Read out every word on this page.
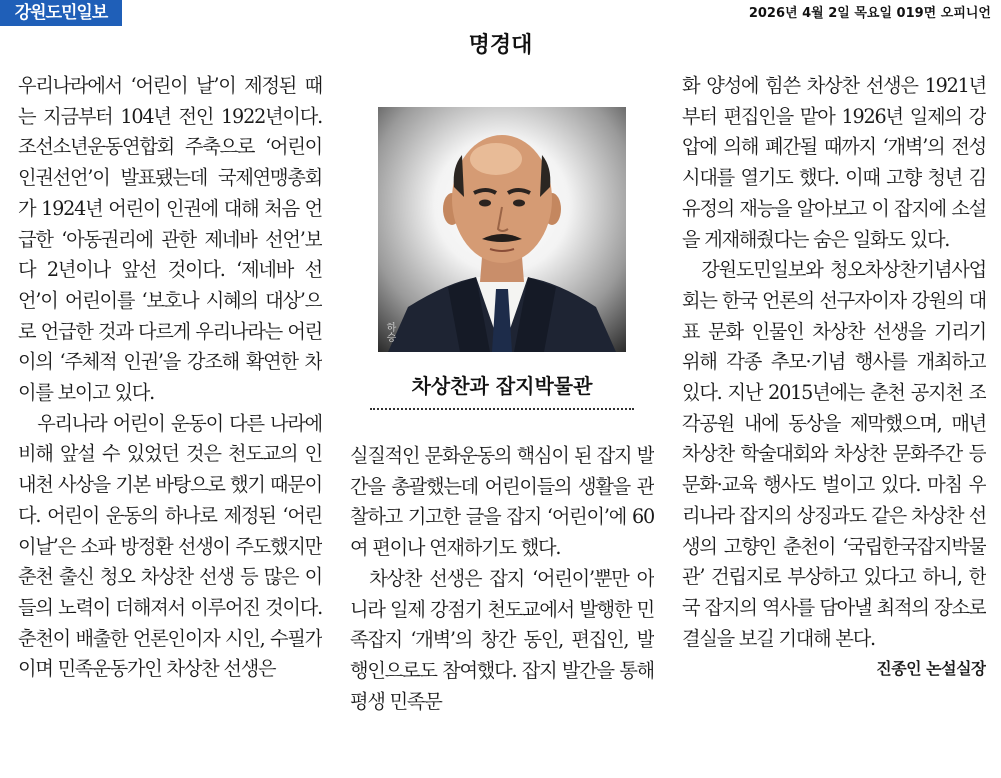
강원도민일보	2026년 4월 2일 목요일 019면 오피니언
명경대

우리나라에서 ‘어린이 날’이 제정된 때는 지금부터 104년 전인 1922년이다. 조선소년운동연합회 주축으로 ‘어린이 인권선언’이 발표됐는데 국제연맹총회가 1924년 어린이 인권에 대해 처음 언급한 ‘아동권리에 관한 제네바 선언’보다 2년이나 앞선 것이다. ‘제네바 선언’이 어린이를 ‘보호나 시혜의 대상’으로 언급한 것과 다르게 우리나라는 어린이의 ‘주체적 인권’을 강조해 확연한 차이를 보이고 있다.

우리나라 어린이 운동이 다른 나라에 비해 앞설 수 있었던 것은 천도교의 인내천 사상을 기본 바탕으로 했기 때문이다. 어린이 운동의 하나로 제정된 ‘어린이날’은 소파 방정환 선생이 주도했지만 춘천 출신 청오 차상찬 선생 등 많은 이들의 노력이 더해져서 이루어진 것이다. 춘천이 배출한 언론인이자 시인, 수필가이며 민족운동가인 차상찬 선생은

하승
차상찬과 잡지박물관

실질적인 문화운동의 핵심이 된 잡지 발간을 총괄했는데 어린이들의 생활을 관찰하고 기고한 글을 잡지 ‘어린이’에 60여 편이나 연재하기도 했다.

차상찬 선생은 잡지 ‘어린이’뿐만 아니라 일제 강점기 천도교에서 발행한 민족잡지 ‘개벽’의 창간 동인, 편집인, 발행인으로도 참여했다. 잡지 발간을 통해 평생 민족문

화 양성에 힘쓴 차상찬 선생은 1921년부터 편집인을 맡아 1926년 일제의 강압에 의해 폐간될 때까지 ‘개벽’의 전성시대를 열기도 했다. 이때 고향 청년 김유정의 재능을 알아보고 이 잡지에 소설을 게재해줬다는 숨은 일화도 있다.

강원도민일보와 청오차상찬기념사업회는 한국 언론의 선구자이자 강원의 대표 문화 인물인 차상찬 선생을 기리기 위해 각종 추모·기념 행사를 개최하고 있다. 지난 2015년에는 춘천 공지천 조각공원 내에 동상을 제막했으며, 매년 차상찬 학술대회와 차상찬 문화주간 등 문화·교육 행사도 벌이고 있다. 마침 우리나라 잡지의 상징과도 같은 차상찬 선생의 고향인 춘천이 ‘국립한국잡지박물관’ 건립지로 부상하고 있다고 하니, 한국 잡지의 역사를 담아낼 최적의 장소로 결실을 보길 기대해 본다.
진종인 논설실장
